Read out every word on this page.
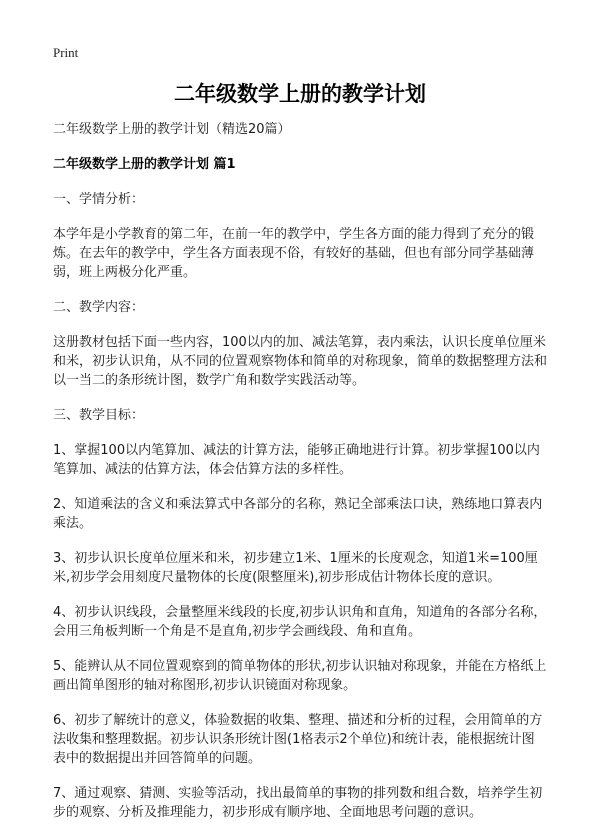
Print
二年级数学上册的教学计划

二年级数学上册的教学计划（精选20篇）

二年级数学上册的教学计划 篇1

一、学情分析：

本学年是小学教育的第二年，在前一年的教学中，学生各方面的能力得到了充分的锻炼。在去年的教学中，学生各方面表现不俗，有较好的基础，但也有部分同学基础薄弱，班上两极分化严重。

二、教学内容：

这册教材包括下面一些内容，100以内的加、减法笔算，表内乘法，认识长度单位厘米和米，初步认识角，从不同的位置观察物体和简单的对称现象，简单的数据整理方法和以一当二的条形统计图，数学广角和数学实践活动等。

三、教学目标：

1、掌握100以内笔算加、减法的计算方法，能够正确地进行计算。初步掌握100以内笔算加、减法的估算方法，体会估算方法的多样性。

2、知道乘法的含义和乘法算式中各部分的名称，熟记全部乘法口诀，熟练地口算表内乘法。

3、初步认识长度单位厘米和米，初步建立1米、1厘米的长度观念，知道1米=100厘米,初步学会用刻度尺量物体的长度(限整厘米),初步形成估计物体长度的意识。

4、初步认识线段，会量整厘米线段的长度,初步认识角和直角，知道角的各部分名称，会用三角板判断一个角是不是直角,初步学会画线段、角和直角。

5、能辨认从不同位置观察到的简单物体的形状,初步认识轴对称现象，并能在方格纸上画出简单图形的轴对称图形,初步认识镜面对称现象。

6、初步了解统计的意义，体验数据的收集、整理、描述和分析的过程，会用简单的方法收集和整理数据。初步认识条形统计图(1格表示2个单位)和统计表，能根据统计图表中的数据提出并回答简单的问题。

7、通过观察、猜测、实验等活动，找出最简单的事物的排列数和组合数，培养学生初步的观察、分析及推理能力，初步形成有顺序地、全面地思考问题的意识。
